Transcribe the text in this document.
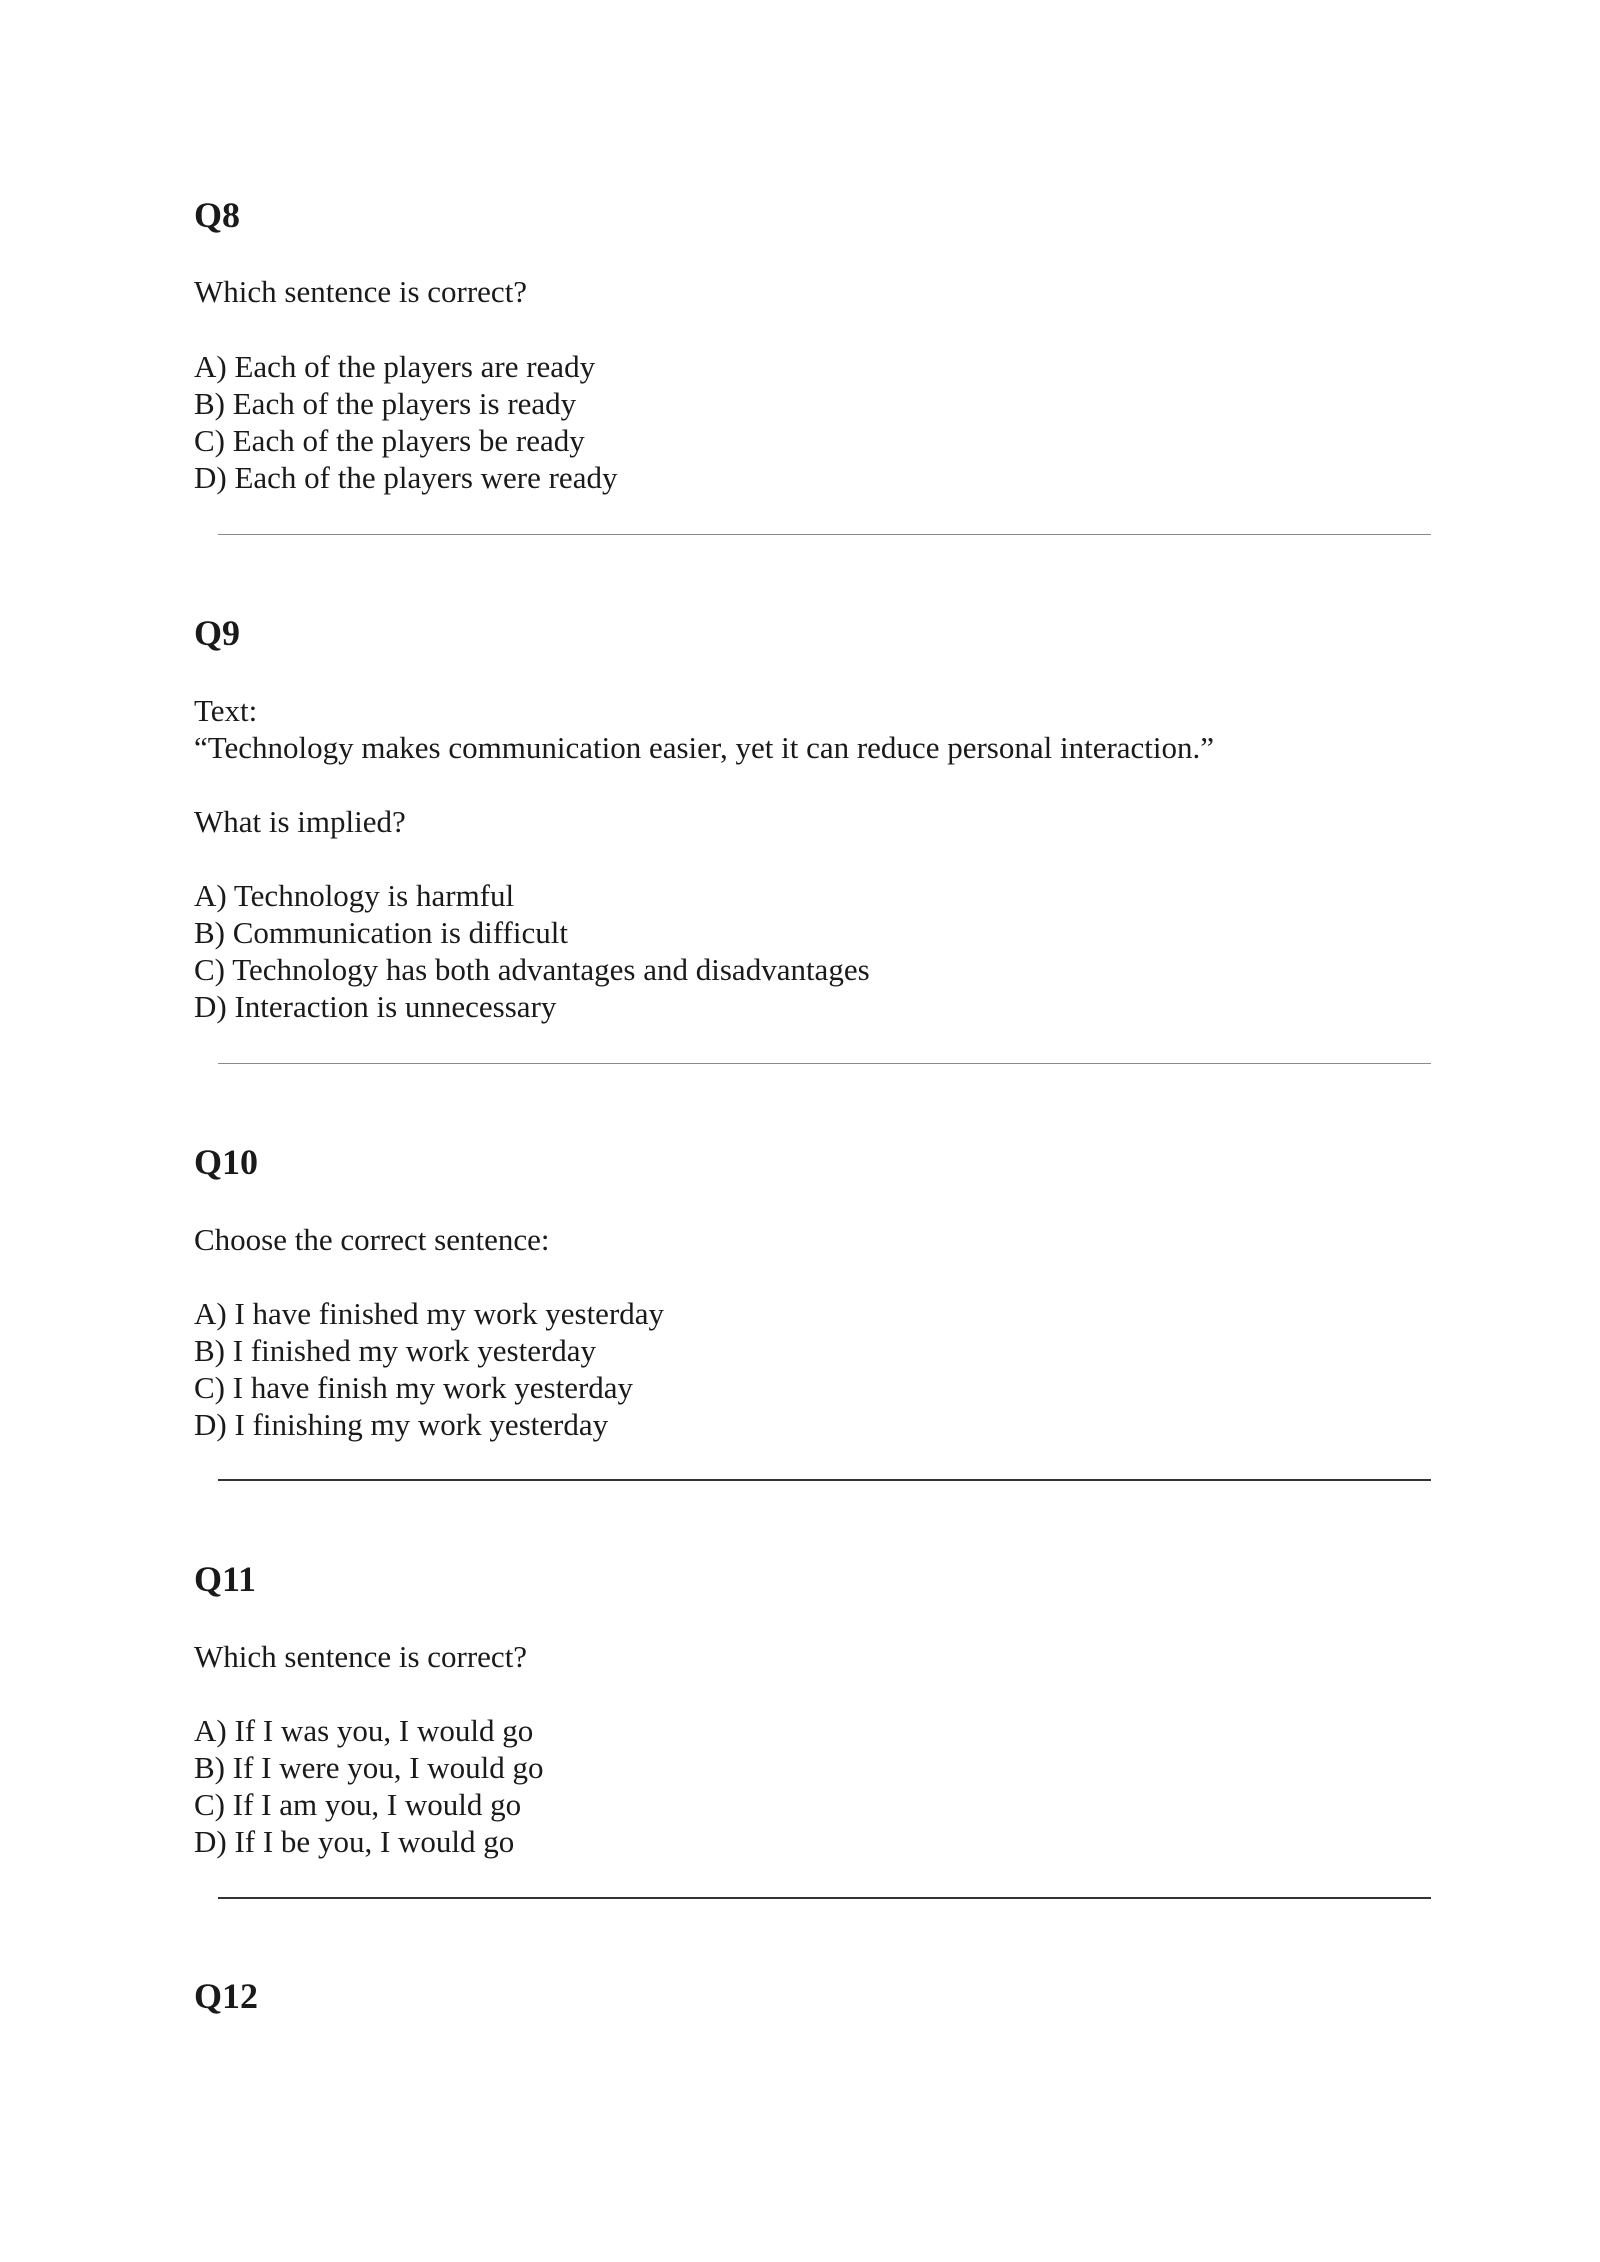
Q8

Which sentence is correct?

A) Each of the players are ready

B) Each of the players is ready

C) Each of the players be ready

D) Each of the players were ready

Q9

Text:

“Technology makes communication easier, yet it can reduce personal interaction.”

What is implied?

A) Technology is harmful

B) Communication is difficult

C) Technology has both advantages and disadvantages

D) Interaction is unnecessary

Q10

Choose the correct sentence:

A) I have finished my work yesterday

B) I finished my work yesterday

C) I have finish my work yesterday

D) I finishing my work yesterday

Q11

Which sentence is correct?

A) If I was you, I would go

B) If I were you, I would go

C) If I am you, I would go

D) If I be you, I would go

Q12
